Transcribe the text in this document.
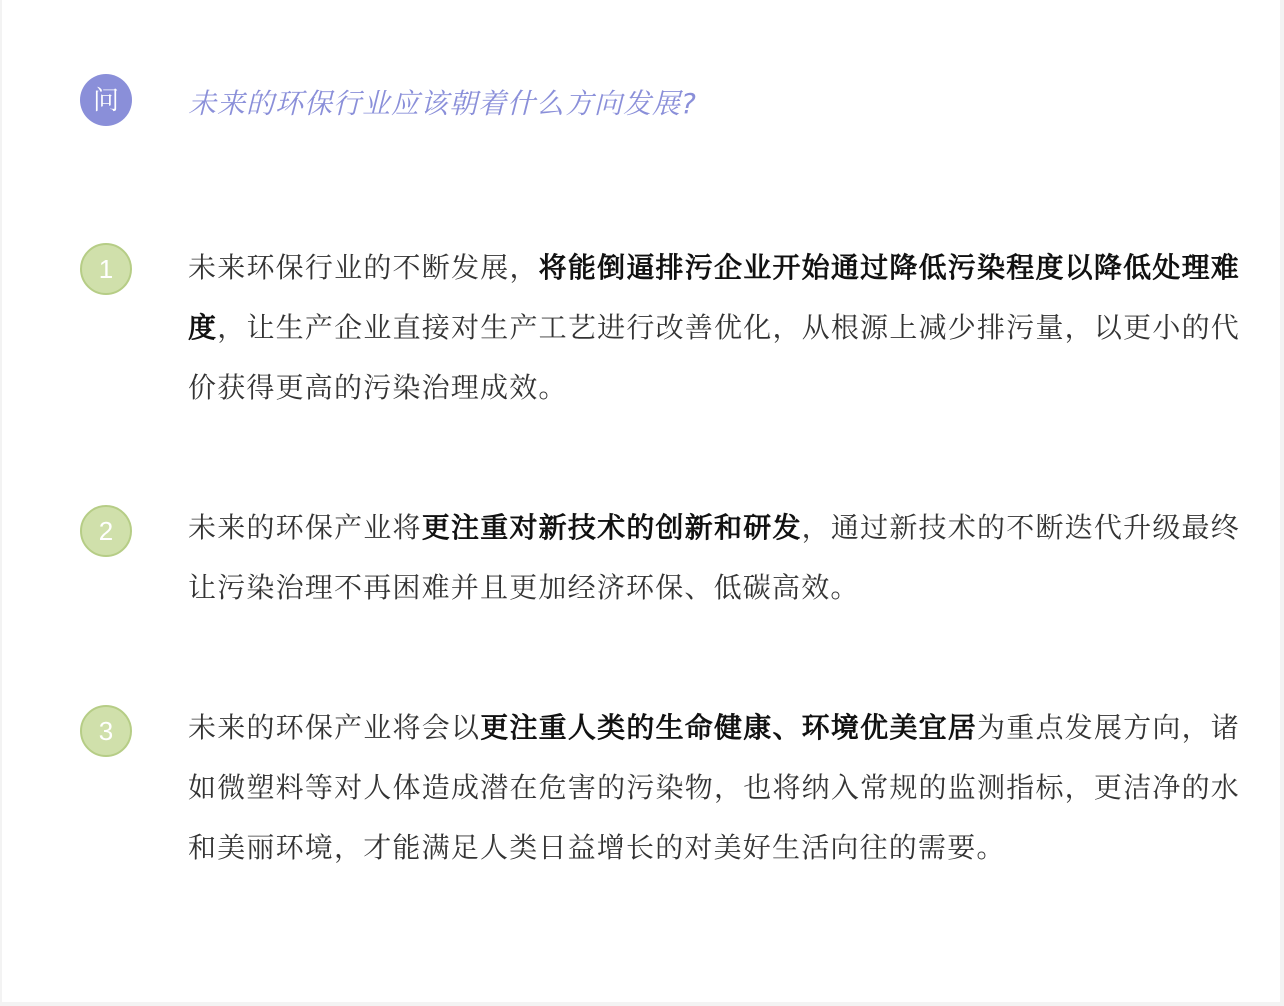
问	未来的环保行业应该朝着什么方向发展?

1	未来环保行业的不断发展，将能倒逼排污企业开始通过降低污染程度以降低处理难度，让生产企业直接对生产工艺进行改善优化，从根源上减少排污量，以更小的代价获得更高的污染治理成效。

2	未来的环保产业将更注重对新技术的创新和研发，通过新技术的不断迭代升级最终让污染治理不再困难并且更加经济环保、低碳高效。

3	未来的环保产业将会以更注重人类的生命健康、环境优美宜居为重点发展方向，诸如微塑料等对人体造成潜在危害的污染物，也将纳入常规的监测指标，更洁净的水和美丽环境，才能满足人类日益增长的对美好生活向往的需要。
